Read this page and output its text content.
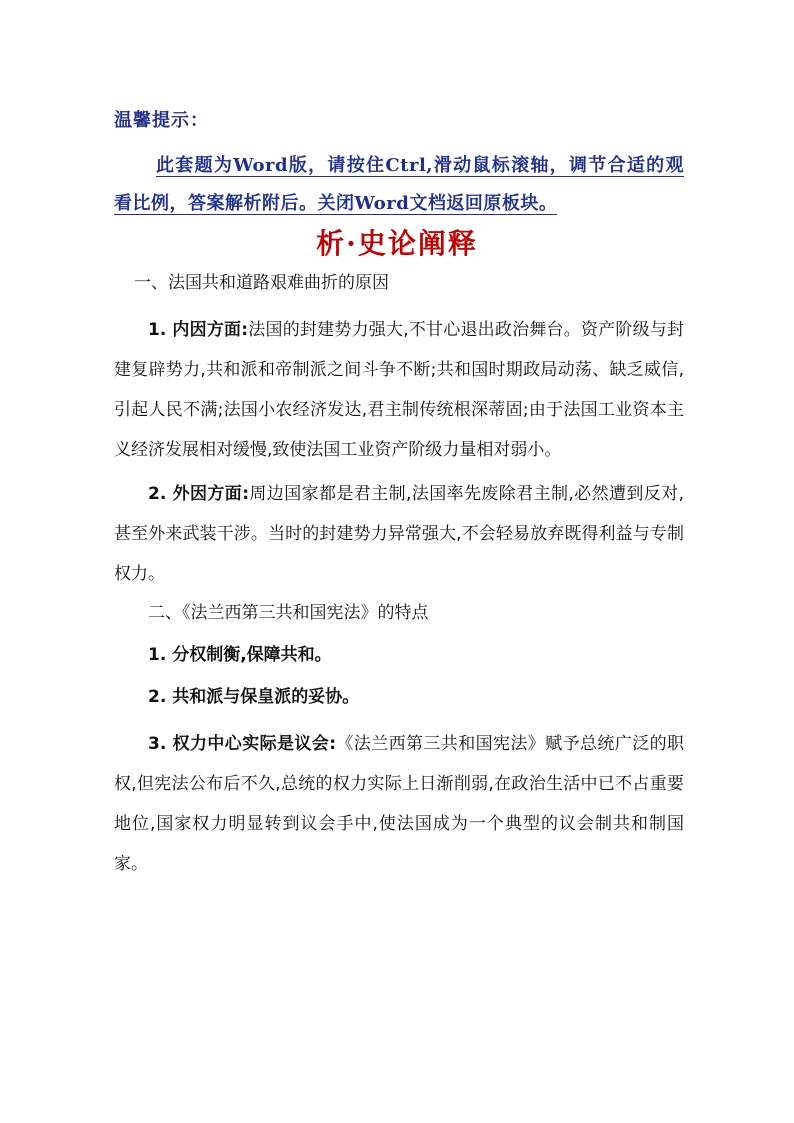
温馨提示：
此套题为Word版，请按住Ctrl,滑动鼠标滚轴，调节合适的观看比例，答案解析附后。关闭Word文档返回原板块。
析·史论阐释

一、法国共和道路艰难曲折的原因

1. 内因方面:法国的封建势力强大,不甘心退出政治舞台。资产阶级与封建复辟势力,共和派和帝制派之间斗争不断;共和国时期政局动荡、缺乏威信,引起人民不满;法国小农经济发达,君主制传统根深蒂固;由于法国工业资本主义经济发展相对缓慢,致使法国工业资产阶级力量相对弱小。

2. 外因方面:周边国家都是君主制,法国率先废除君主制,必然遭到反对,甚至外来武装干涉。当时的封建势力异常强大,不会轻易放弃既得利益与专制权力。

二、《法兰西第三共和国宪法》的特点

1. 分权制衡,保障共和。

2. 共和派与保皇派的妥协。

3. 权力中心实际是议会:《法兰西第三共和国宪法》赋予总统广泛的职权,但宪法公布后不久,总统的权力实际上日渐削弱,在政治生活中已不占重要地位,国家权力明显转到议会手中,使法国成为一个典型的议会制共和制国家。
